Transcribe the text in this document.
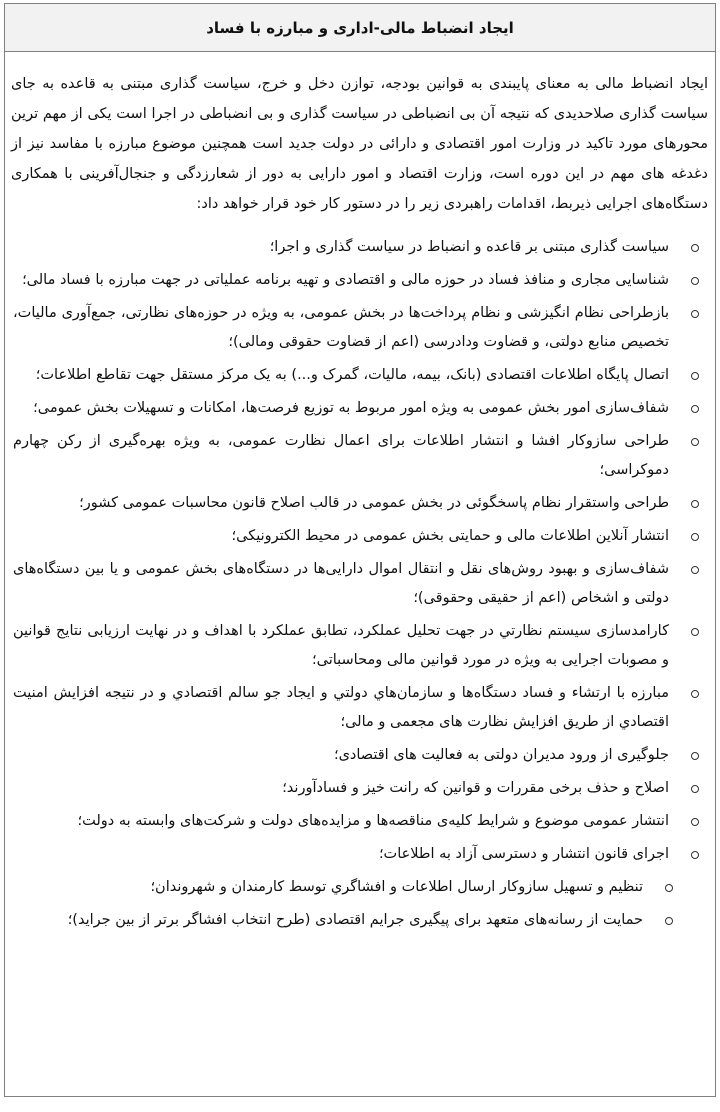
ایجاد انضباط مالی-اداری و مبارزه با فساد
ایجاد انضباط مالی به معنای پایبندی به قوانین بودجه، توازن دخل و خرج، سیاست گذاری مبتنی به قاعده به جای سیاست گذاری صلاحدیدی که نتیجه آن بی انضباطی در سیاست گذاری و بی انضباطی در اجرا است یکی از مهم ترین محورهای مورد تاکید در وزارت امور اقتصادی و دارائی در دولت جدید است همچنین موضوع مبارزه با مفاسد نیز از دغدغه های مهم در این دوره است، وزارت اقتصاد و امور دارایی به دور از شعارزدگی و جنجال‌آفرینی با همکاری دستگاه‌های اجرایی ذیربط، اقدامات راهبردی زیر را در دستور کار خود قرار خواهد داد:
سیاست گذاری مبتنی بر قاعده و انضباط در سیاست گذاری و اجرا؛
شناسایی مجاری و منافذ فساد در حوزه مالی و اقتصادی و تهیه برنامه عملیاتی در جهت مبارزه با فساد مالی؛
بازطراحی نظام انگیزشی و نظام پرداخت‌ها در بخش عمومی، به ویژه در حوزه‌های نظارتی، جمع‌آوری مالیات، تخصیص منابع دولتی، و قضاوت ودادرسی (اعم از قضاوت حقوقی ومالی)؛
اتصال پایگاه اطلاعات اقتصادی (بانک، بیمه، مالیات، گمرک و...) به یک مرکز مستقل جهت تقاطع اطلاعات؛
شفاف‌سازی امور بخش عمومی به ویژه امور مربوط به توزیع فرصت‌ها، امکانات و تسهیلات بخش عمومی؛
طراحی سازوکار افشا و انتشار اطلاعات برای اعمال نظارت عمومی، به ویژه بهره‌گیری از رکن چهارم دموکراسی؛
طراحی واستقرار نظام پاسخگوئی در بخش عمومی در قالب اصلاح قانون محاسبات عمومی کشور؛
انتشار آنلاین اطلاعات مالی و حمایتی بخش عمومی در محیط الکترونیکی؛
شفاف‌سازی و بهبود روش‌های نقل و انتقال اموال دارایی‌ها در دستگاه‌های بخش عمومی و یا بین دستگاه‌های دولتی و اشخاص (اعم از حقیقی وحقوقی)؛
کارامدسازی سیستم نظارتي در جهت تحلیل عملکرد، تطابق عملکرد با اهداف و در نهایت ارزیابی نتایج قوانین و مصوبات اجرایی به ویژه در مورد قوانین مالی ومحاسباتی؛
مبارزه با ارتشاء و فساد دستگاه‌ها و سازمان‌هاي دولتي و ایجاد جو سالم اقتصادي و در نتیجه افزایش امنیت اقتصادي از طریق افزایش نظارت های مجعمی و مالی؛
جلوگیری از ورود مدیران دولتی به فعالیت های اقتصادی؛
اصلاح و حذف برخی مقررات و قوانین که رانت خیز و فسادآورند؛
انتشار عمومی موضوع و شرایط کلیه‌ی مناقصه‌ها و مزایده‌های دولت و شرکت‌های وابسته به دولت؛
اجرای قانون انتشار و دسترسی آزاد به اطلاعات؛
تنظیم و تسهیل سازوکار ارسال اطلاعات و افشاگري توسط کارمندان و شهروندان؛
حمایت از رسانه‌های متعهد برای پیگیری جرایم اقتصادی (طرح انتخاب افشاگر برتر از بین جراید)؛
